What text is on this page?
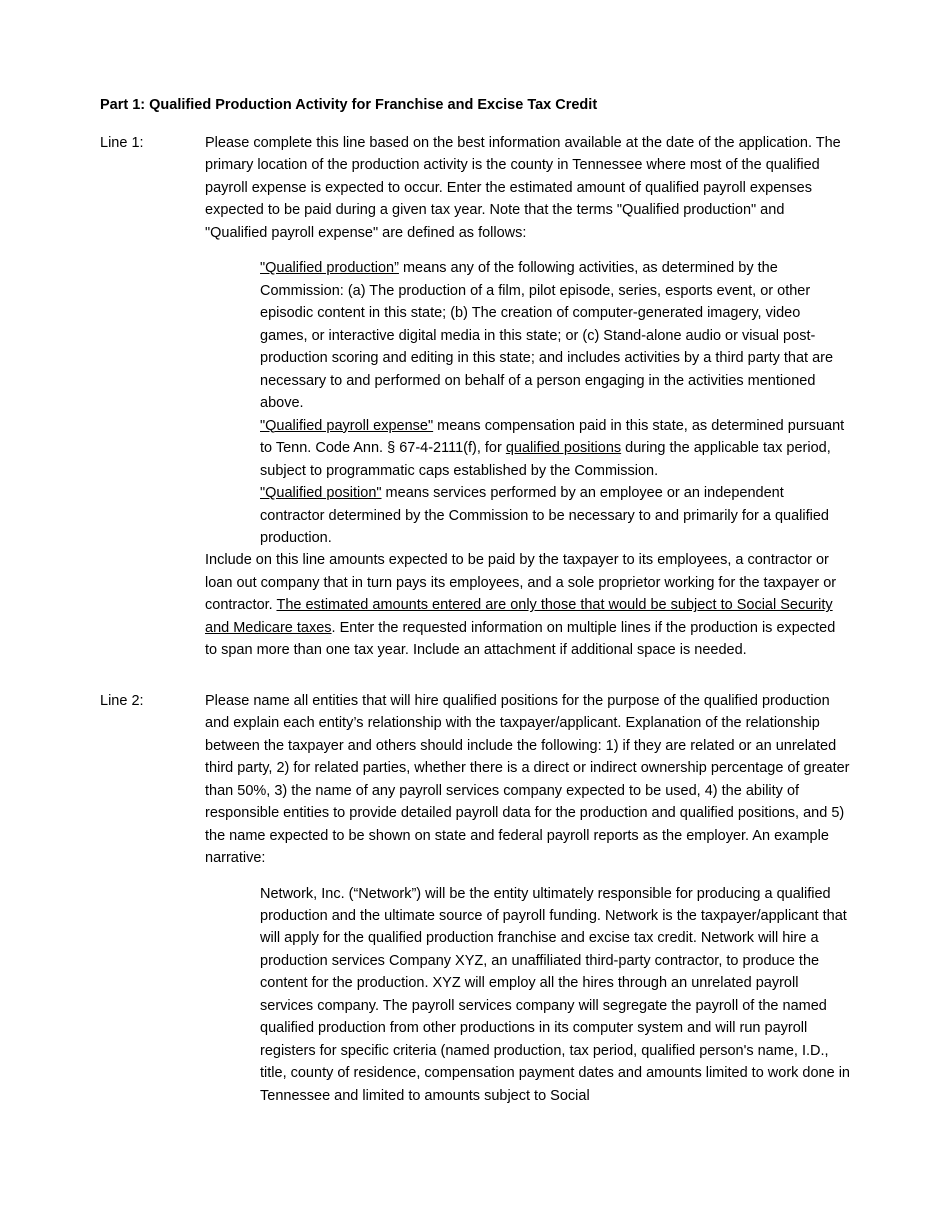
Part 1: Qualified Production Activity for Franchise and Excise Tax Credit
Line 1:	Please complete this line based on the best information available at the date of the application. The primary location of the production activity is the county in Tennessee where most of the qualified payroll expense is expected to occur. Enter the estimated amount of qualified payroll expenses expected to be paid during a given tax year. Note that the terms "Qualified production" and "Qualified payroll expense" are defined as follows:

"Qualified production” means any of the following activities, as determined by the Commission: (a) The production of a film, pilot episode, series, esports event, or other episodic content in this state; (b) The creation of computer-generated imagery, video games, or interactive digital media in this state; or (c) Stand-alone audio or visual post-production scoring and editing in this state; and includes activities by a third party that are necessary to and performed on behalf of a person engaging in the activities mentioned above.

"Qualified payroll expense" means compensation paid in this state, as determined pursuant to Tenn. Code Ann. § 67-4-2111(f), for qualified positions during the applicable tax period, subject to programmatic caps established by the Commission.

"Qualified position" means services performed by an employee or an independent contractor determined by the Commission to be necessary to and primarily for a qualified production.

Include on this line amounts expected to be paid by the taxpayer to its employees, a contractor or loan out company that in turn pays its employees, and a sole proprietor working for the taxpayer or contractor. The estimated amounts entered are only those that would be subject to Social Security and Medicare taxes. Enter the requested information on multiple lines if the production is expected to span more than one tax year. Include an attachment if additional space is needed.

Line 2:	Please name all entities that will hire qualified positions for the purpose of the qualified production and explain each entity’s relationship with the taxpayer/applicant. Explanation of the relationship between the taxpayer and others should include the following: 1) if they are related or an unrelated third party, 2) for related parties, whether there is a direct or indirect ownership percentage of greater than 50%, 3) the name of any payroll services company expected to be used, 4) the ability of responsible entities to provide detailed payroll data for the production and qualified positions, and 5) the name expected to be shown on state and federal payroll reports as the employer. An example narrative:

Network, Inc. (“Network”) will be the entity ultimately responsible for producing a qualified production and the ultimate source of payroll funding. Network is the taxpayer/applicant that will apply for the qualified production franchise and excise tax credit. Network will hire a production services Company XYZ, an unaffiliated third-party contractor, to produce the content for the production. XYZ will employ all the hires through an unrelated payroll services company. The payroll services company will segregate the payroll of the named qualified production from other productions in its computer system and will run payroll registers for specific criteria (named production, tax period, qualified person's name, I.D., title, county of residence, compensation payment dates and amounts limited to work done in Tennessee and limited to amounts subject to Social
